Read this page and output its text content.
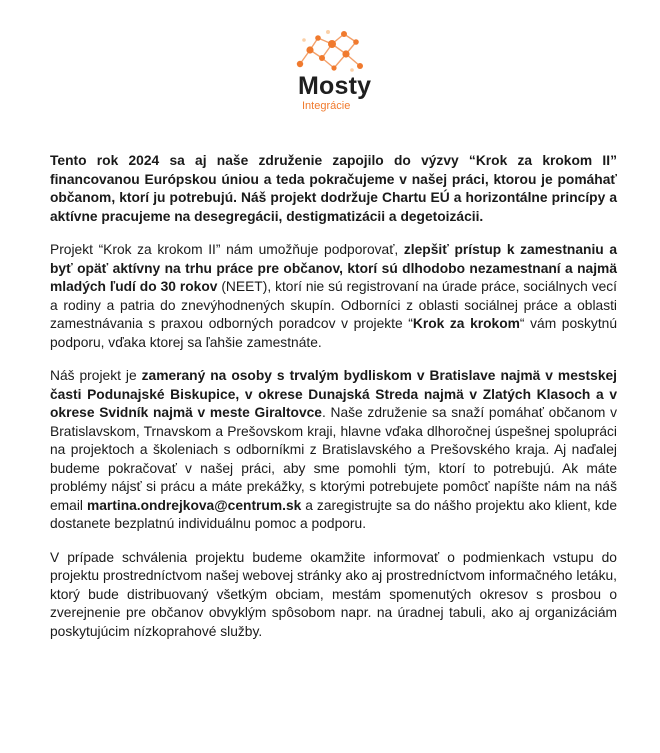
Mosty
Integrácie

Tento rok 2024 sa aj naše združenie zapojilo do výzvy “Krok za krokom II” financovanou Európskou úniou a teda pokračujeme v našej práci, ktorou je pomáhať občanom, ktorí ju potrebujú. Náš projekt dodržuje Chartu EÚ a horizontálne princípy a aktívne pracujeme na desegregácii, destigmatizácii a degetoizácii.

Projekt “Krok za krokom II” nám umožňuje podporovať, zlepšiť prístup k zamestnaniu a byť opäť aktívny na trhu práce pre občanov, ktorí sú dlhodobo nezamestnaní a najmä mladých ľudí do 30 rokov (NEET), ktorí nie sú registrovaní na úrade práce, sociálnych vecí a rodiny a patria do znevýhodnených skupín. Odborníci z oblasti sociálnej práce a oblasti zamestnávania s praxou odborných poradcov v projekte “Krok za krokom“ vám poskytnú podporu, vďaka ktorej sa ľahšie zamestnáte.

Náš projekt je zameraný na osoby s trvalým bydliskom v Bratislave najmä v mestskej časti Podunajské Biskupice, v okrese Dunajská Streda najmä v Zlatých Klasoch a v okrese Svidník najmä v meste Giraltovce. Naše združenie sa snaží pomáhať občanom v Bratislavskom, Trnavskom a Prešovskom kraji, hlavne vďaka dlhoročnej úspešnej spolupráci na projektoch a školeniach s odborníkmi z Bratislavského a Prešovského kraja. Aj naďalej budeme pokračovať v našej práci, aby sme pomohli tým, ktorí to potrebujú. Ak máte problémy nájsť si prácu a máte prekážky, s ktorými potrebujete pomôcť napíšte nám na náš email martina.ondrejkova@centrum.sk a zaregistrujte sa do nášho projektu ako klient, kde dostanete bezplatnú individuálnu pomoc a podporu.

V prípade schválenia projektu budeme okamžite informovať o podmienkach vstupu do projektu prostredníctvom našej webovej stránky ako aj prostredníctvom informačného letáku, ktorý bude distribuovaný všetkým obciam, mestám spomenutých okresov s prosbou o zverejnenie pre občanov obvyklým spôsobom napr. na úradnej tabuli, ako aj organizáciám poskytujúcim nízkoprahové služby.
